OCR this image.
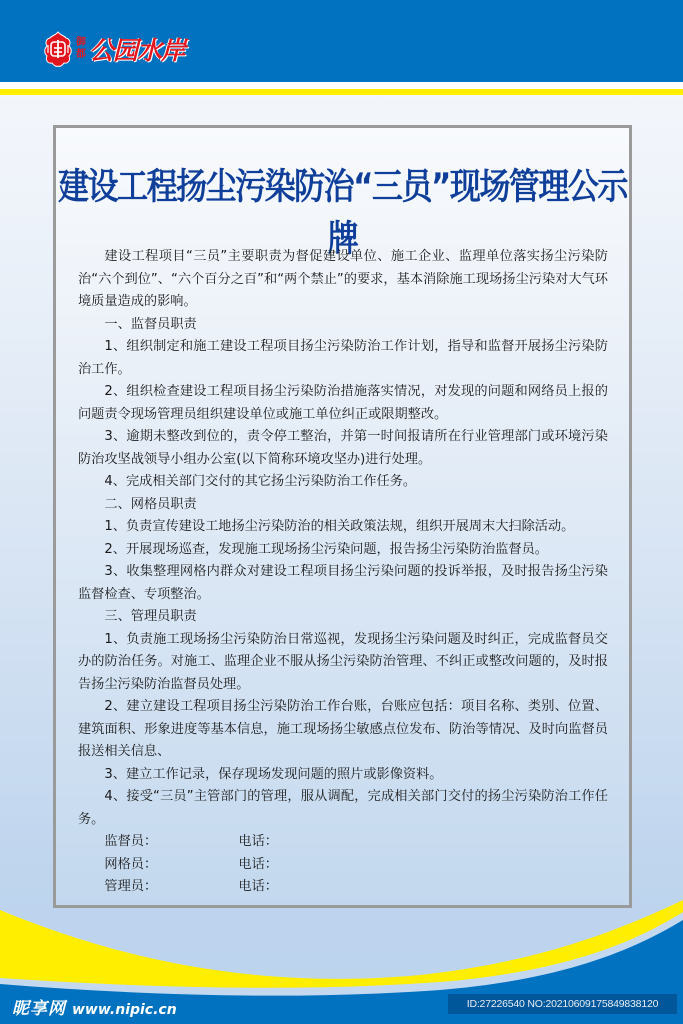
御
都 公园水岸
建设工程扬尘污染防治“三员”现场管理公示牌

建设工程项目“三员”主要职责为督促建设单位、施工企业、监理单位落实扬尘污染防治“六个到位”、“六个百分之百”和“两个禁止”的要求，基本消除施工现场扬尘污染对大气环境质量造成的影响。

一、监督员职责

1、组织制定和施工建设工程项目扬尘污染防治工作计划，指导和监督开展扬尘污染防治工作。

2、组织检查建设工程项目扬尘污染防治措施落实情况，对发现的问题和网络员上报的问题责令现场管理员组织建设单位或施工单位纠正或限期整改。

3、逾期未整改到位的，责令停工整治，并第一时间报请所在行业管理部门或环境污染防治攻坚战领导小组办公室(以下简称环境攻坚办)进行处理。

4、完成相关部门交付的其它扬尘污染防治工作任务。

二、网格员职责

1、负责宣传建设工地扬尘污染防治的相关政策法规，组织开展周末大扫除活动。

2、开展现场巡查，发现施工现场扬尘污染问题，报告扬尘污染防治监督员。

3、收集整理网格内群众对建设工程项目扬尘污染问题的投诉举报，及时报告扬尘污染监督检查、专项整治。

三、管理员职责

1、负责施工现场扬尘污染防治日常巡视，发现扬尘污染问题及时纠正，完成监督员交办的防治任务。对施工、监理企业不服从扬尘污染防治管理、不纠正或整改问题的，及时报告扬尘污染防治监督员处理。

2、建立建设工程项目扬尘污染防治工作台账，台账应包括：项目名称、类别、位置、建筑面积、形象进度等基本信息，施工现场扬尘敏感点位发布、防治等情况、及时向监督员报送相关信息、

3、建立工作记录，保存现场发现问题的照片或影像资料。

4、接受“三员”主管部门的管理，服从调配，完成相关部门交付的扬尘污染防治工作任务。

监督员：	电话：
网格员：	电话：
管理员：	电话：
昵享网 www.nipic.cn	ID:27226540 NO:20210609175849838120
